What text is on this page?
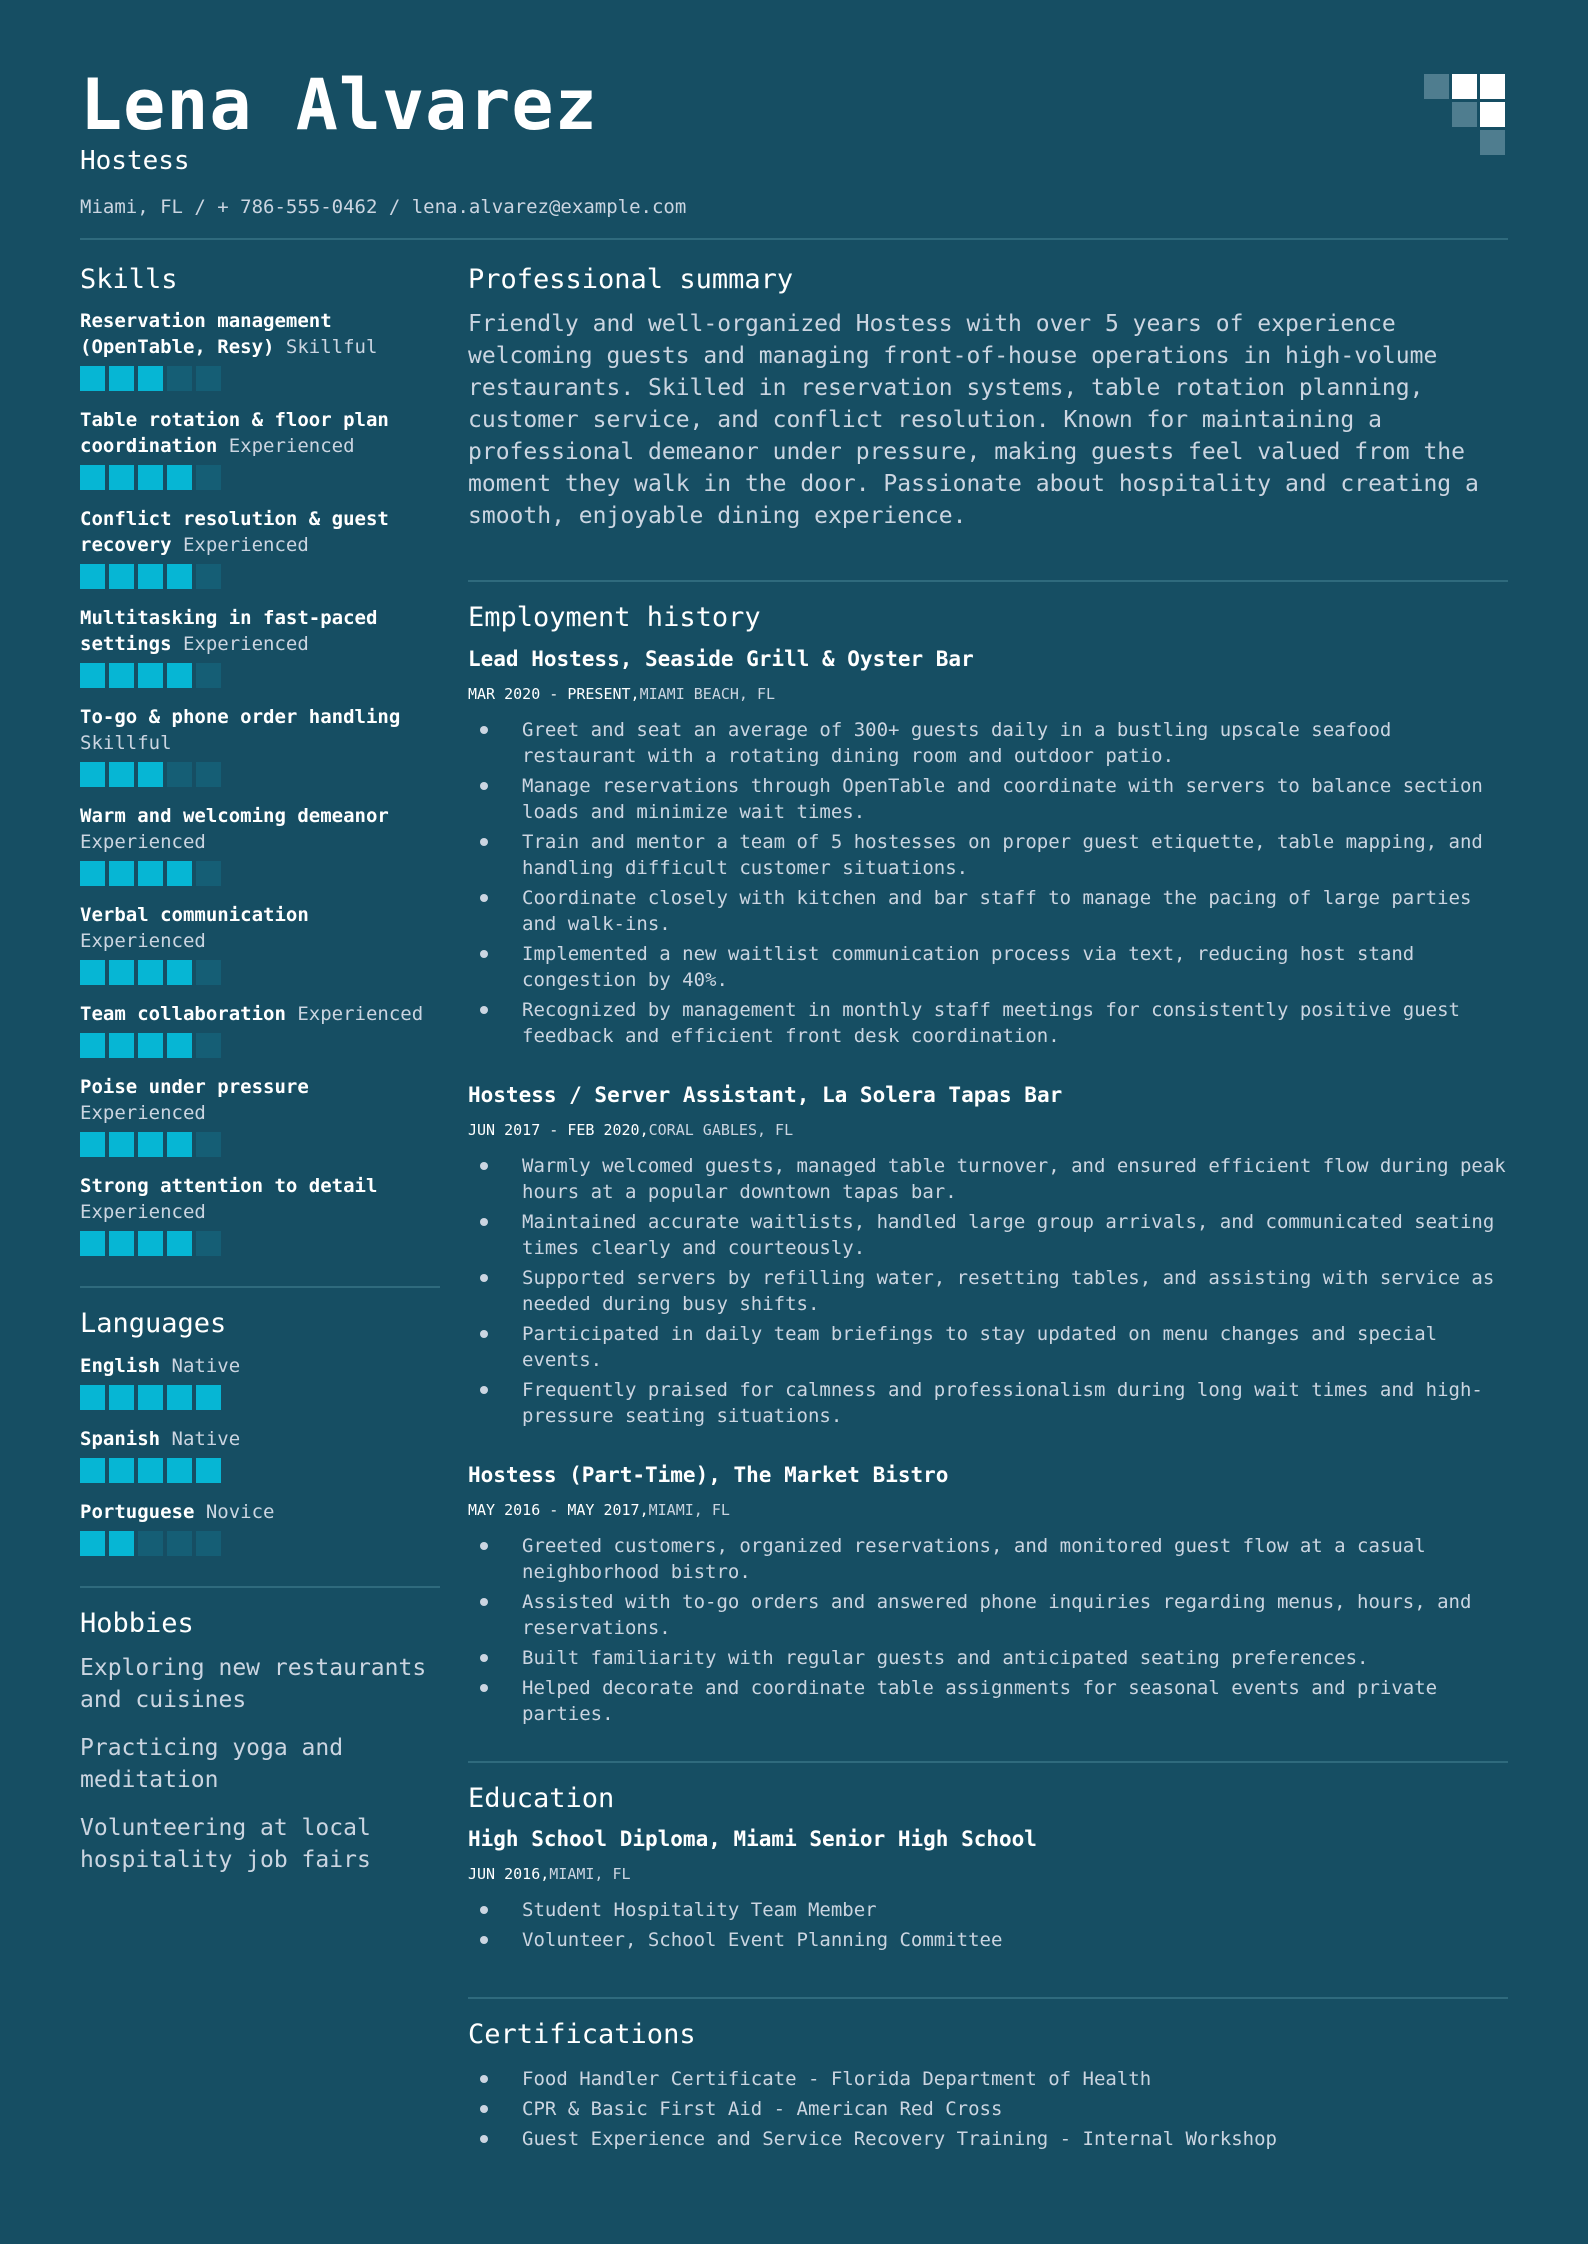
Lena Alvarez
Hostess
Miami, FL / + 786-555-0462 / lena.alvarez@example.com
Skills
Reservation management (OpenTable, Resy) Skillful
Table rotation & floor plan coordination Experienced
Conflict resolution & guest recovery Experienced
Multitasking in fast-paced settings Experienced
To-go & phone order handling Skillful
Warm and welcoming demeanor Experienced
Verbal communication Experienced
Team collaboration Experienced
Poise under pressure Experienced
Strong attention to detail Experienced
Languages
English Native
Spanish Native
Portuguese Novice
Hobbies
Exploring new restaurants and cuisines
Practicing yoga and meditation
Volunteering at local hospitality job fairs
Professional summary

Friendly and well-organized Hostess with over 5 years of experience welcoming guests and managing front-of-house operations in high-volume restaurants. Skilled in reservation systems, table rotation planning, customer service, and conflict resolution. Known for maintaining a professional demeanor under pressure, making guests feel valued from the moment they walk in the door. Passionate about hospitality and creating a smooth, enjoyable dining experience.

Employment history
Lead Hostess, Seaside Grill & Oyster Bar
MAR 2020 - PRESENT,MIAMI BEACH, FL
Greet and seat an average of 300+ guests daily in a bustling upscale seafood restaurant with a rotating dining room and outdoor patio.
Manage reservations through OpenTable and coordinate with servers to balance section loads and minimize wait times.
Train and mentor a team of 5 hostesses on proper guest etiquette, table mapping, and handling difficult customer situations.
Coordinate closely with kitchen and bar staff to manage the pacing of large parties and walk-ins.
Implemented a new waitlist communication process via text, reducing host stand congestion by 40%.
Recognized by management in monthly staff meetings for consistently positive guest feedback and efficient front desk coordination.
Hostess / Server Assistant, La Solera Tapas Bar
JUN 2017 - FEB 2020,CORAL GABLES, FL
Warmly welcomed guests, managed table turnover, and ensured efficient flow during peak hours at a popular downtown tapas bar.
Maintained accurate waitlists, handled large group arrivals, and communicated seating times clearly and courteously.
Supported servers by refilling water, resetting tables, and assisting with service as needed during busy shifts.
Participated in daily team briefings to stay updated on menu changes and special events.
Frequently praised for calmness and professionalism during long wait times and high-pressure seating situations.
Hostess (Part-Time), The Market Bistro
MAY 2016 - MAY 2017,MIAMI, FL
Greeted customers, organized reservations, and monitored guest flow at a casual neighborhood bistro.
Assisted with to-go orders and answered phone inquiries regarding menus, hours, and reservations.
Built familiarity with regular guests and anticipated seating preferences.
Helped decorate and coordinate table assignments for seasonal events and private parties.
Education
High School Diploma, Miami Senior High School
JUN 2016,MIAMI, FL
Student Hospitality Team Member
Volunteer, School Event Planning Committee
Certifications
Food Handler Certificate - Florida Department of Health
CPR & Basic First Aid - American Red Cross
Guest Experience and Service Recovery Training - Internal Workshop
